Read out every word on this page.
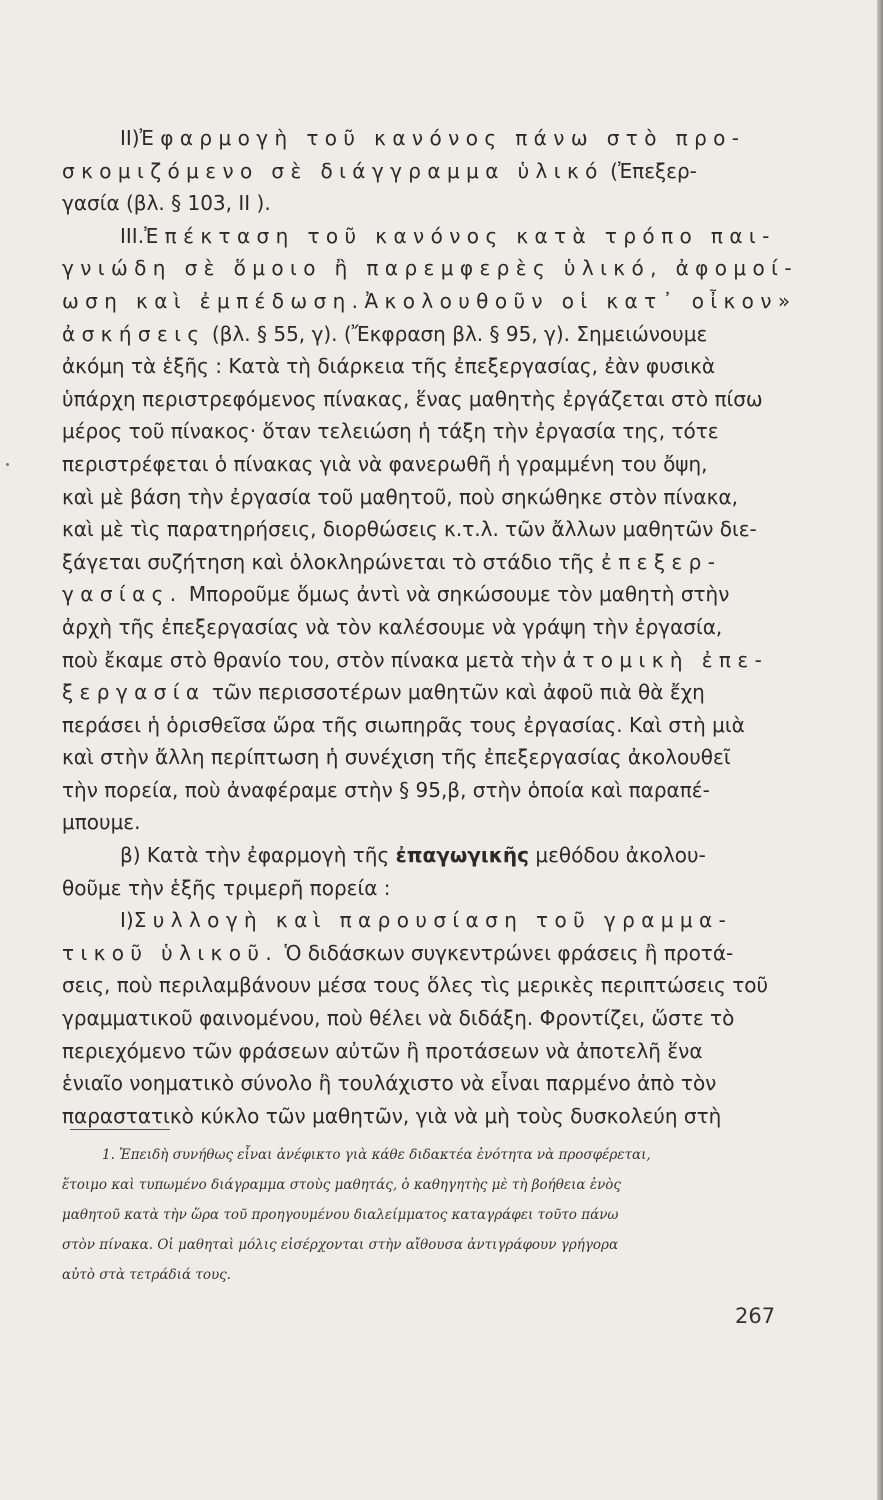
ΙΙ)Ἐφαρμογὴ τοῦ κανόνος πάνω στὸ προ-
σκομιζόμενο σὲ διάγγραμμα ὑλικό (Ἐπεξερ-
γασία (βλ. § 103, ΙΙ ).
ΙΙΙ.Ἐπέκταση τοῦ κανόνος κατὰ τρόπο παι-
γνιώδη σὲ ὅμοιο ἢ παρεμφερὲς ὑλικό, ἀφομοί-
ωση καὶ ἐμπέδωση.Ἀκολουθοῦν οἱ κατ᾿ οἶκον»
ἀσκήσεις (βλ. § 55, γ). (Ἔκφραση βλ. § 95, γ). Σημειώνουμε
ἀκόμη τὰ ἑξῆς : Κατὰ τὴ διάρκεια τῆς ἐπεξεργασίας, ἐὰν φυσικὰ
ὑπάρχη περιστρεφόμενος πίνακας, ἕνας μαθητὴς ἐργάζεται στὸ πίσω
μέρος τοῦ πίνακος· ὅταν τελειώση ἡ τάξη τὴν ἐργασία της, τότε
περιστρέφεται ὁ πίνακας γιὰ νὰ φανερωθῆ ἡ γραμμένη του ὄψη,
καὶ μὲ βάση τὴν ἐργασία τοῦ μαθητοῦ, ποὺ σηκώθηκε στὸν πίνακα,
καὶ μὲ τὶς παρατηρήσεις, διορθώσεις κ.τ.λ. τῶν ἄλλων μαθητῶν διε-
ξάγεται συζήτηση καὶ ὁλοκληρώνεται τὸ στάδιο τῆς ἐπεξερ-
γασίας. Μποροῦμε ὅμως ἀντὶ νὰ σηκώσουμε τὸν μαθητὴ στὴν
ἀρχὴ τῆς ἐπεξεργασίας νὰ τὸν καλέσουμε νὰ γράψη τὴν ἐργασία,
ποὺ ἔκαμε στὸ θρανίο του, στὸν πίνακα μετὰ τὴν ἀτομικὴ ἐπε-
ξεργασία τῶν περισσοτέρων μαθητῶν καὶ ἀφοῦ πιὰ θὰ ἔχη
περάσει ἡ ὁρισθεῖσα ὥρα τῆς σιωπηρᾶς τους ἐργασίας. Καὶ στὴ μιὰ
καὶ στὴν ἄλλη περίπτωση ἡ συνέχιση τῆς ἐπεξεργασίας ἀκολουθεῖ
τὴν πορεία, ποὺ ἀναφέραμε στὴν § 95,β, στὴν ὁποία καὶ παραπέ-
μπουμε.
β) Κατὰ τὴν ἐφαρμογὴ τῆς ἐπαγωγικῆς μεθόδου ἀκολου-
θοῦμε τὴν ἑξῆς τριμερῆ πορεία :
Ι)Συλλογὴ καὶ παρουσίαση τοῦ γραμμα-
τικοῦ ὑλικοῦ. Ὁ διδάσκων συγκεντρώνει φράσεις ἢ προτά-
σεις, ποὺ περιλαμβάνουν μέσα τους ὅλες τὶς μερικὲς περιπτώσεις τοῦ
γραμματικοῦ φαινομένου, ποὺ θέλει νὰ διδάξη. Φροντίζει, ὥστε τὸ
περιεχόμενο τῶν φράσεων αὐτῶν ἢ προτάσεων νὰ ἀποτελῆ ἕνα
ἑνιαῖο νοηματικὸ σύνολο ἢ τουλάχιστο νὰ εἶναι παρμένο ἀπὸ τὸν
παραστατικὸ κύκλο τῶν μαθητῶν, γιὰ νὰ μὴ τοὺς δυσκολεύη στὴ
1. Ἐπειδὴ συνήθως εἶναι ἀνέφικτο γιὰ κάθε διδακτέα ἑνότητα νὰ προσφέρεται,
ἕτοιμο καὶ τυπωμένο διάγραμμα στοὺς μαθητάς, ὁ καθηγητὴς μὲ τὴ βοήθεια ἑνὸς
μαθητοῦ κατὰ τὴν ὥρα τοῦ προηγουμένου διαλείμματος καταγράφει τοῦτο πάνω
στὸν πίνακα. Οἱ μαθηταὶ μόλις εἰσέρχονται στὴν αἴθουσα ἀντιγράφουν γρήγορα
αὐτὸ στὰ τετράδιά τους.
267
